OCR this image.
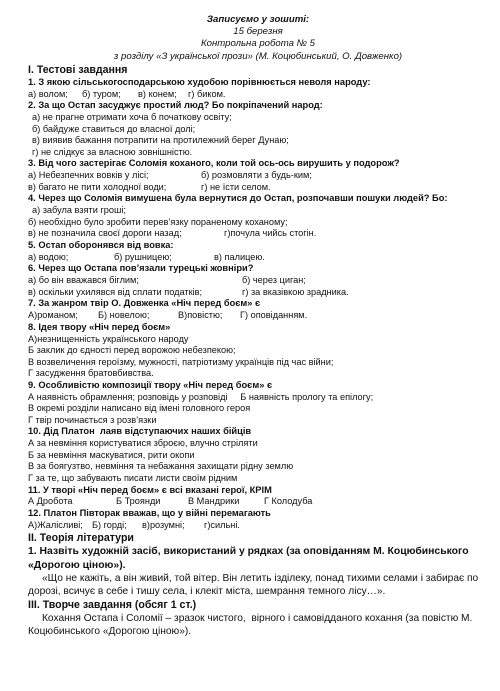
Записуємо у зошиті:
15 березня
Контрольна робота № 5
з розділу «З української прози» (М. Коцюбинський, О. Довженко)
І. Тестові завдання
1. З якою сільськогосподарською худобою порівнюється неволя народу:
а) волом; б) туром; в) конем; г) биком.
2. За що Остап засуджує простий люд? Бо покріпачений народ:
а) не прагне отримати хоча б початкову освіту;
б) байдуже ставиться до власної долі;
в) виявив бажання потрапити на протилежний берег Дунаю;
г) не слідкує за власною зовнішністю.
3. Від чого застерігає Соломія коханого, коли той ось-ось вирушить у подорож?
а) Небезпечних вовків у лісі;	б) розмовляти з будь-ким;
в) багато не пити холодної води;	г) не їсти селом.
4. Через що Соломія вимушена була вернутися до Остап, розпочавши пошуки людей? Бо:
а) забула взяти гроші;
б) необхідно було зробити перев’язку пораненому коханому;
в) не позначила своєї дороги назад;	г)почула чийсь стогін.
5. Остап оборонявся від вовка:
а) водою;	б) рушницею;	в) палицею.
6. Через що Остапа пов’язали турецькі жовніри?
а) бо він вважався біглим;	б) через циган;
в) оскільки ухилявся від сплати податків;	г) за вказівкою зрадника.
7. За жанром твір О. Довженка «Ніч перед боєм» є
А)романом; Б) новелою;	В)повістю; Г) оповіданням.
8. Ідея твору «Ніч перед боєм»
А)незнищенність українського народу
Б заклик до єдності перед ворожою небезпекою;
В возвеличення героїзму, мужності, патріотизму українців під час війни;
Г засудження братовбивства.
9. Особливістю композиції твору «Ніч перед боєм» є
А наявність обрамлення; розповідь у розповіді     Б наявність прологу та епілогу;
В окремі розділи написано від імені головного героя
Г твір починається з розв’язки
10. Дід Платон  лаяв відступаючих наших бійців
А за невміння користуватися зброєю, влучно стріляти
Б за невміння маскуватися, рити окопи
В за боягузтво, невміння та небажання захищати рідну землю
Г за те, що забувають писати листи своїм рідним
11. У творі «Ніч перед боєм» є всі вказані герої, КРІМ
А Дробота	Б Троянди	В Мандрики	Г Колодуба
12. Платон Півторак вважав, що у війні перемагають
А)Жалісливі; Б) горді; в)розумні; г)сильні.
ІІ. Теорія літератури
1. Назвіть художній засіб, використаний у рядках (за оповіданням М. Коцюбинського «Дорогою ціною»).
«Що не кажіть, а він живий, той вітер. Він летить ізділеку, понад тихими селами і забирає по дорозі, всичує в себе і тишу села, і клекіт міста, шемрання темного лісу…».
ІІІ. Творче завдання (обсяг 1 ст.)
Кохання Остапа і Соломії – зразок чистого,  вірного і самовідданого кохання (за повістю М. Коцюбинського «Дорогою ціною»).
